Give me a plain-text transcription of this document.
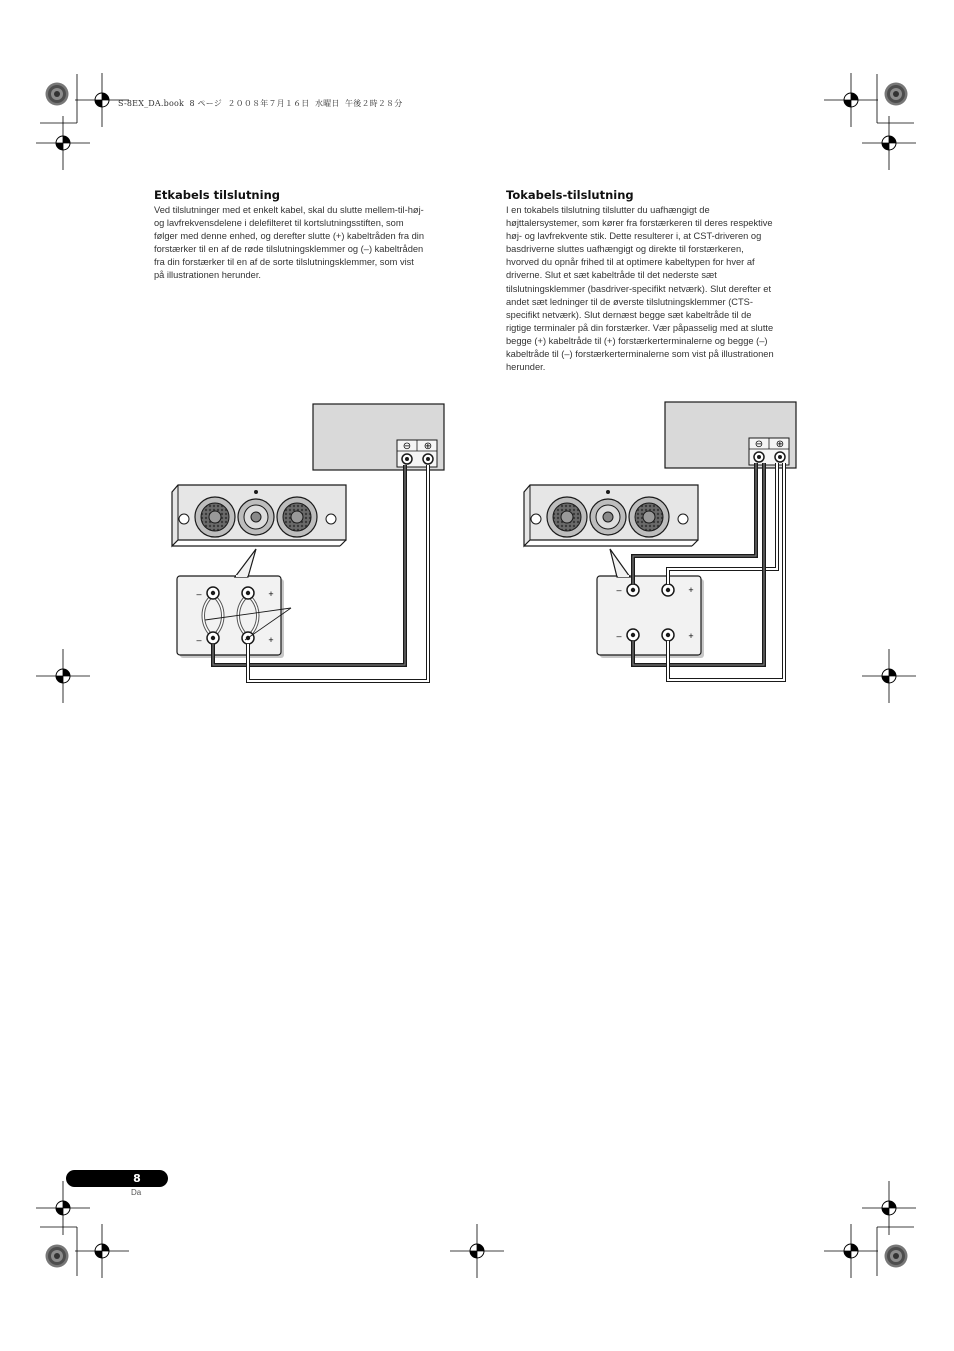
S-8EX_DA.book  8 ページ  ２００８年７月１６日  水曜日  午後２時２８分
Etkabels tilslutning
Ved tilslutninger med et enkelt kabel, skal du slutte mellem-til-høj-
og lavfrekvensdelene i delefilteret til kortslutningsstiften, som
følger med denne enhed, og derefter slutte (+) kabeltråden fra din
forstærker til en af de røde tilslutningsklemmer og (–) kabeltråden
fra din forstærker til en af de sorte tilslutningsklemmer, som vist
på illustrationen herunder.
Tokabels-tilslutning
I en tokabels tilslutning tilslutter du uafhængigt de
højttalersystemer, som kører fra forstærkeren til deres respektive
høj- og lavfrekvente stik. Dette resulterer i, at CST-driveren og
basdriverne sluttes uafhængigt og direkte til forstærkeren,
hvorved du opnår frihed til at optimere kabeltypen for hver af
driverne. Slut et sæt kabeltråde til det nederste sæt
tilslutningsklemmer (basdriver-specifikt netværk). Slut derefter et
andet sæt ledninger til de øverste tilslutningsklemmer (CTS-
specifikt netværk). Slut dernæst begge sæt kabeltråde til de
rigtige terminaler på din forstærker. Vær påpasselig med at slutte
begge (+) kabeltråde til (+) forstærkerterminalerne og begge (–)
kabeltråde til (–) forstærkerterminalerne som vist på illustrationen
herunder.
⊖ ⊕
–	+
–	+
⊖ ⊕
–	+
–	+
8
Da
